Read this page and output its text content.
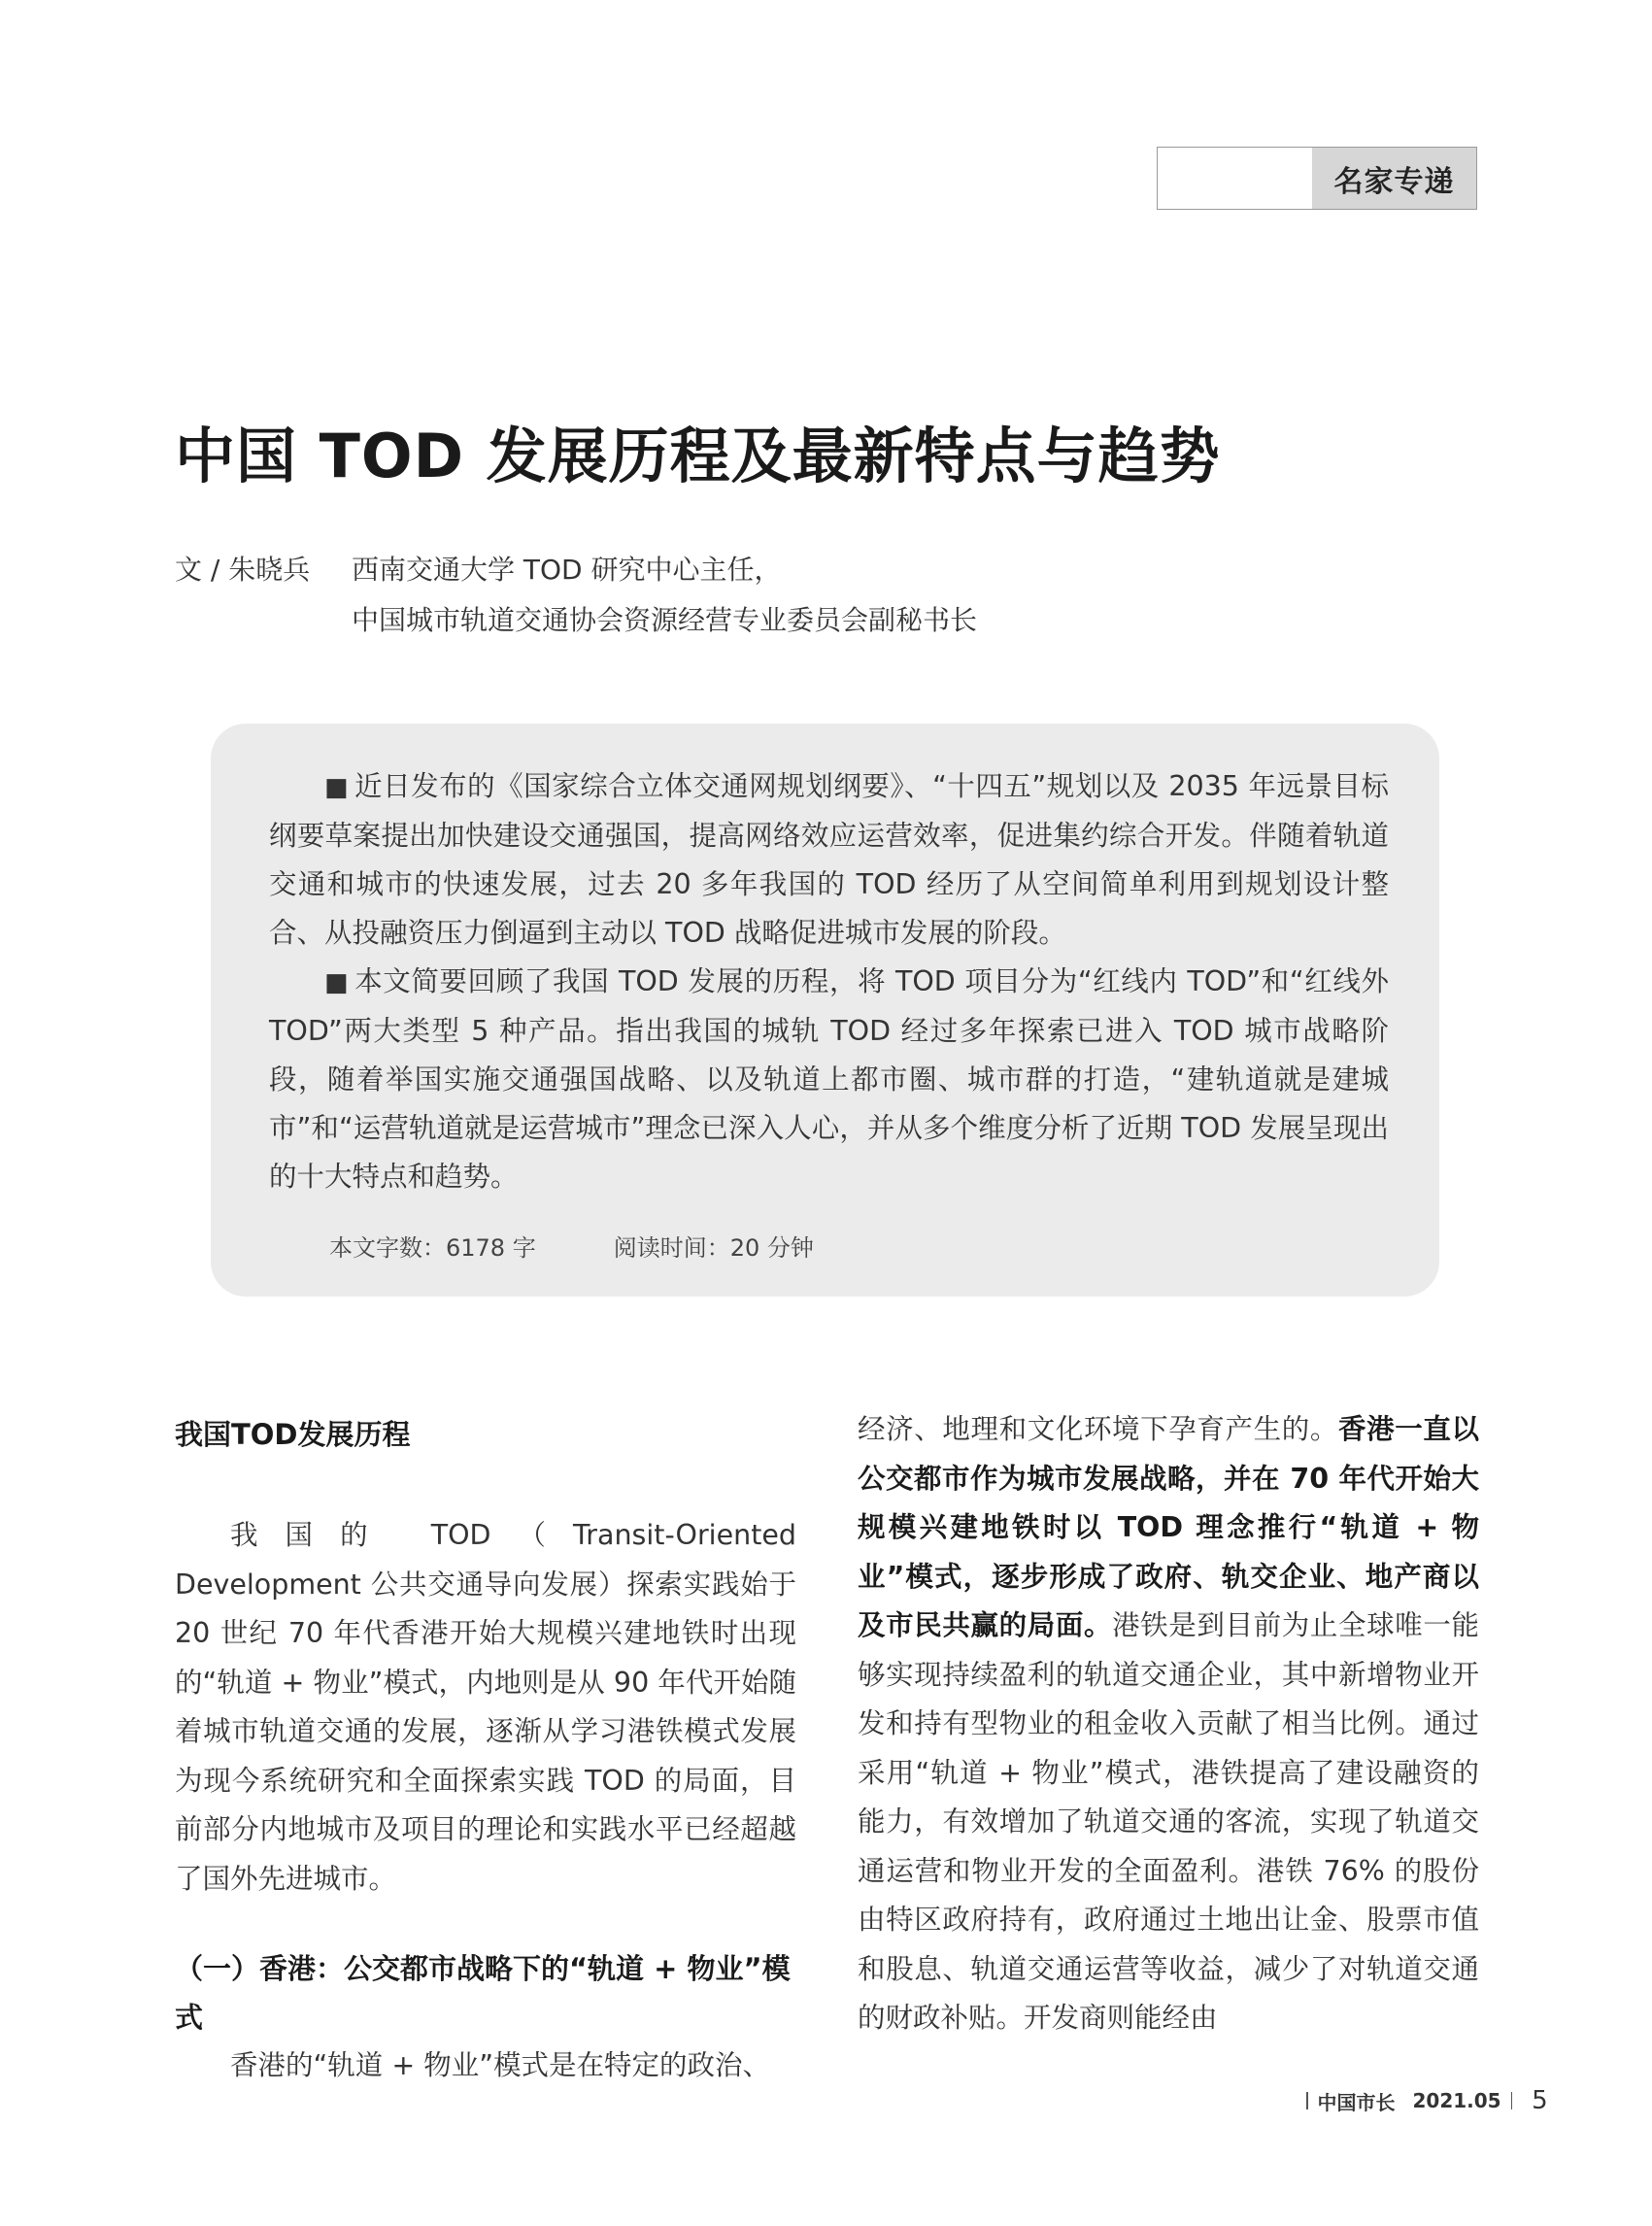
名家专递
中国 TOD 发展历程及最新特点与趋势
文 / 朱晓兵 西南交通大学 TOD 研究中心主任，
中国城市轨道交通协会资源经营专业委员会副秘书长

■ 近日发布的《国家综合立体交通网规划纲要》、“十四五”规划以及 2035 年远景目标纲要草案提出加快建设交通强国，提高网络效应运营效率，促进集约综合开发。伴随着轨道交通和城市的快速发展，过去 20 多年我国的 TOD 经历了从空间简单利用到规划设计整合、从投融资压力倒逼到主动以 TOD 战略促进城市发展的阶段。

■ 本文简要回顾了我国 TOD 发展的历程，将 TOD 项目分为“红线内 TOD”和“红线外 TOD”两大类型 5 种产品。指出我国的城轨 TOD 经过多年探索已进入 TOD 城市战略阶段，随着举国实施交通强国战略、以及轨道上都市圈、城市群的打造，“建轨道就是建城市”和“运营轨道就是运营城市”理念已深入人心，并从多个维度分析了近期 TOD 发展呈现出的十大特点和趋势。

本文字数：6178 字	阅读时间：20 分钟
我国TOD发展历程

我国的 TOD（Transit-Oriented Development 公共交通导向发展）探索实践始于 20 世纪 70 年代香港开始大规模兴建地铁时出现的“轨道 + 物业”模式，内地则是从 90 年代开始随着城市轨道交通的发展，逐渐从学习港铁模式发展为现今系统研究和全面探索实践 TOD 的局面，目前部分内地城市及项目的理论和实践水平已经超越了国外先进城市。

（一）香港：公交都市战略下的“轨道 + 物业”模式

香港的“轨道 + 物业”模式是在特定的政治、

经济、地理和文化环境下孕育产生的。香港一直以公交都市作为城市发展战略，并在 70 年代开始大规模兴建地铁时以 TOD 理念推行“轨道 + 物业”模式，逐步形成了政府、轨交企业、地产商以及市民共赢的局面。港铁是到目前为止全球唯一能够实现持续盈利的轨道交通企业，其中新增物业开发和持有型物业的租金收入贡献了相当比例。通过采用“轨道 + 物业”模式，港铁提高了建设融资的能力，有效增加了轨道交通的客流，实现了轨道交通运营和物业开发的全面盈利。港铁 76% 的股份由特区政府持有，政府通过土地出让金、股票市值和股息、轨道交通运营等收益，减少了对轨道交通的财政补贴。开发商则能经由

中国市长 2021.05 5
